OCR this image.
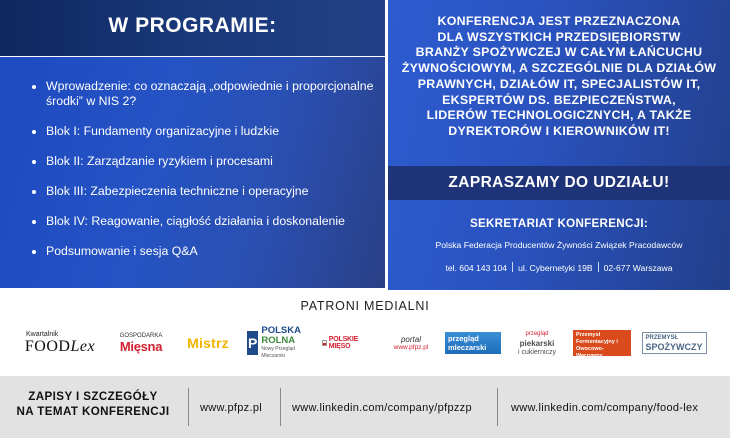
W PROGRAMIE:
Wprowadzenie: co oznaczają „odpowiednie i proporcjonalne środki” w NIS 2?
Blok I: Fundamenty organizacyjne i ludzkie
Blok II: Zarządzanie ryzykiem i procesami
Blok III: Zabezpieczenia techniczne i operacyjne
Blok IV: Reagowanie, ciągłość działania i doskonalenie
Podsumowanie i sesja Q&A
KONFERENCJA JEST PRZEZNACZONA
DLA WSZYSTKICH PRZEDSIĘBIORSTW
BRANŻY SPOŻYWCZEJ W CAŁYM ŁAŃCUCHU
ŻYWNOŚCIOWYM, A SZCZEGÓLNIE DLA DZIAŁÓW
PRAWNYCH, DZIAŁÓW IT, SPECJALISTÓW IT,
EKSPERTÓW DS. BEZPIECZEŃSTWA,
LIDERÓW TECHNOLOGICZNYCH, A TAKŻE
DYREKTORÓW I KIEROWNIKÓW IT!
ZAPRASZAMY DO UDZIAŁU!
SEKRETARIAT KONFERENCJI:
Polska Federacja Producentów Żywności Związek Pracodawców
tel. 604 143 104 ul. Cybernetyki 19B 02-677 Warszawa
PATRONI MEDIALNI
Kwartalnik
FOODLex
GOSPODARKA
Mięsna Mistrz P
POLSKA
ROLNA
Nowy Przegląd Mleczarski
POLSKIE MIĘSO
portal
www.pfpz.pl
przegląd mleczarski
przegląd
piekarski
i cukierniczy
Przemysł Fermentacyjny i Owocowo-Warzywny
PRZEMYSŁ
SPOŻYWCZY
ZAPISY I SZCZEGÓŁY
NA TEMAT KONFERENCJI	www.pfpz.pl	www.linkedin.com/company/pfpzzp	www.linkedin.com/company/food-lex
